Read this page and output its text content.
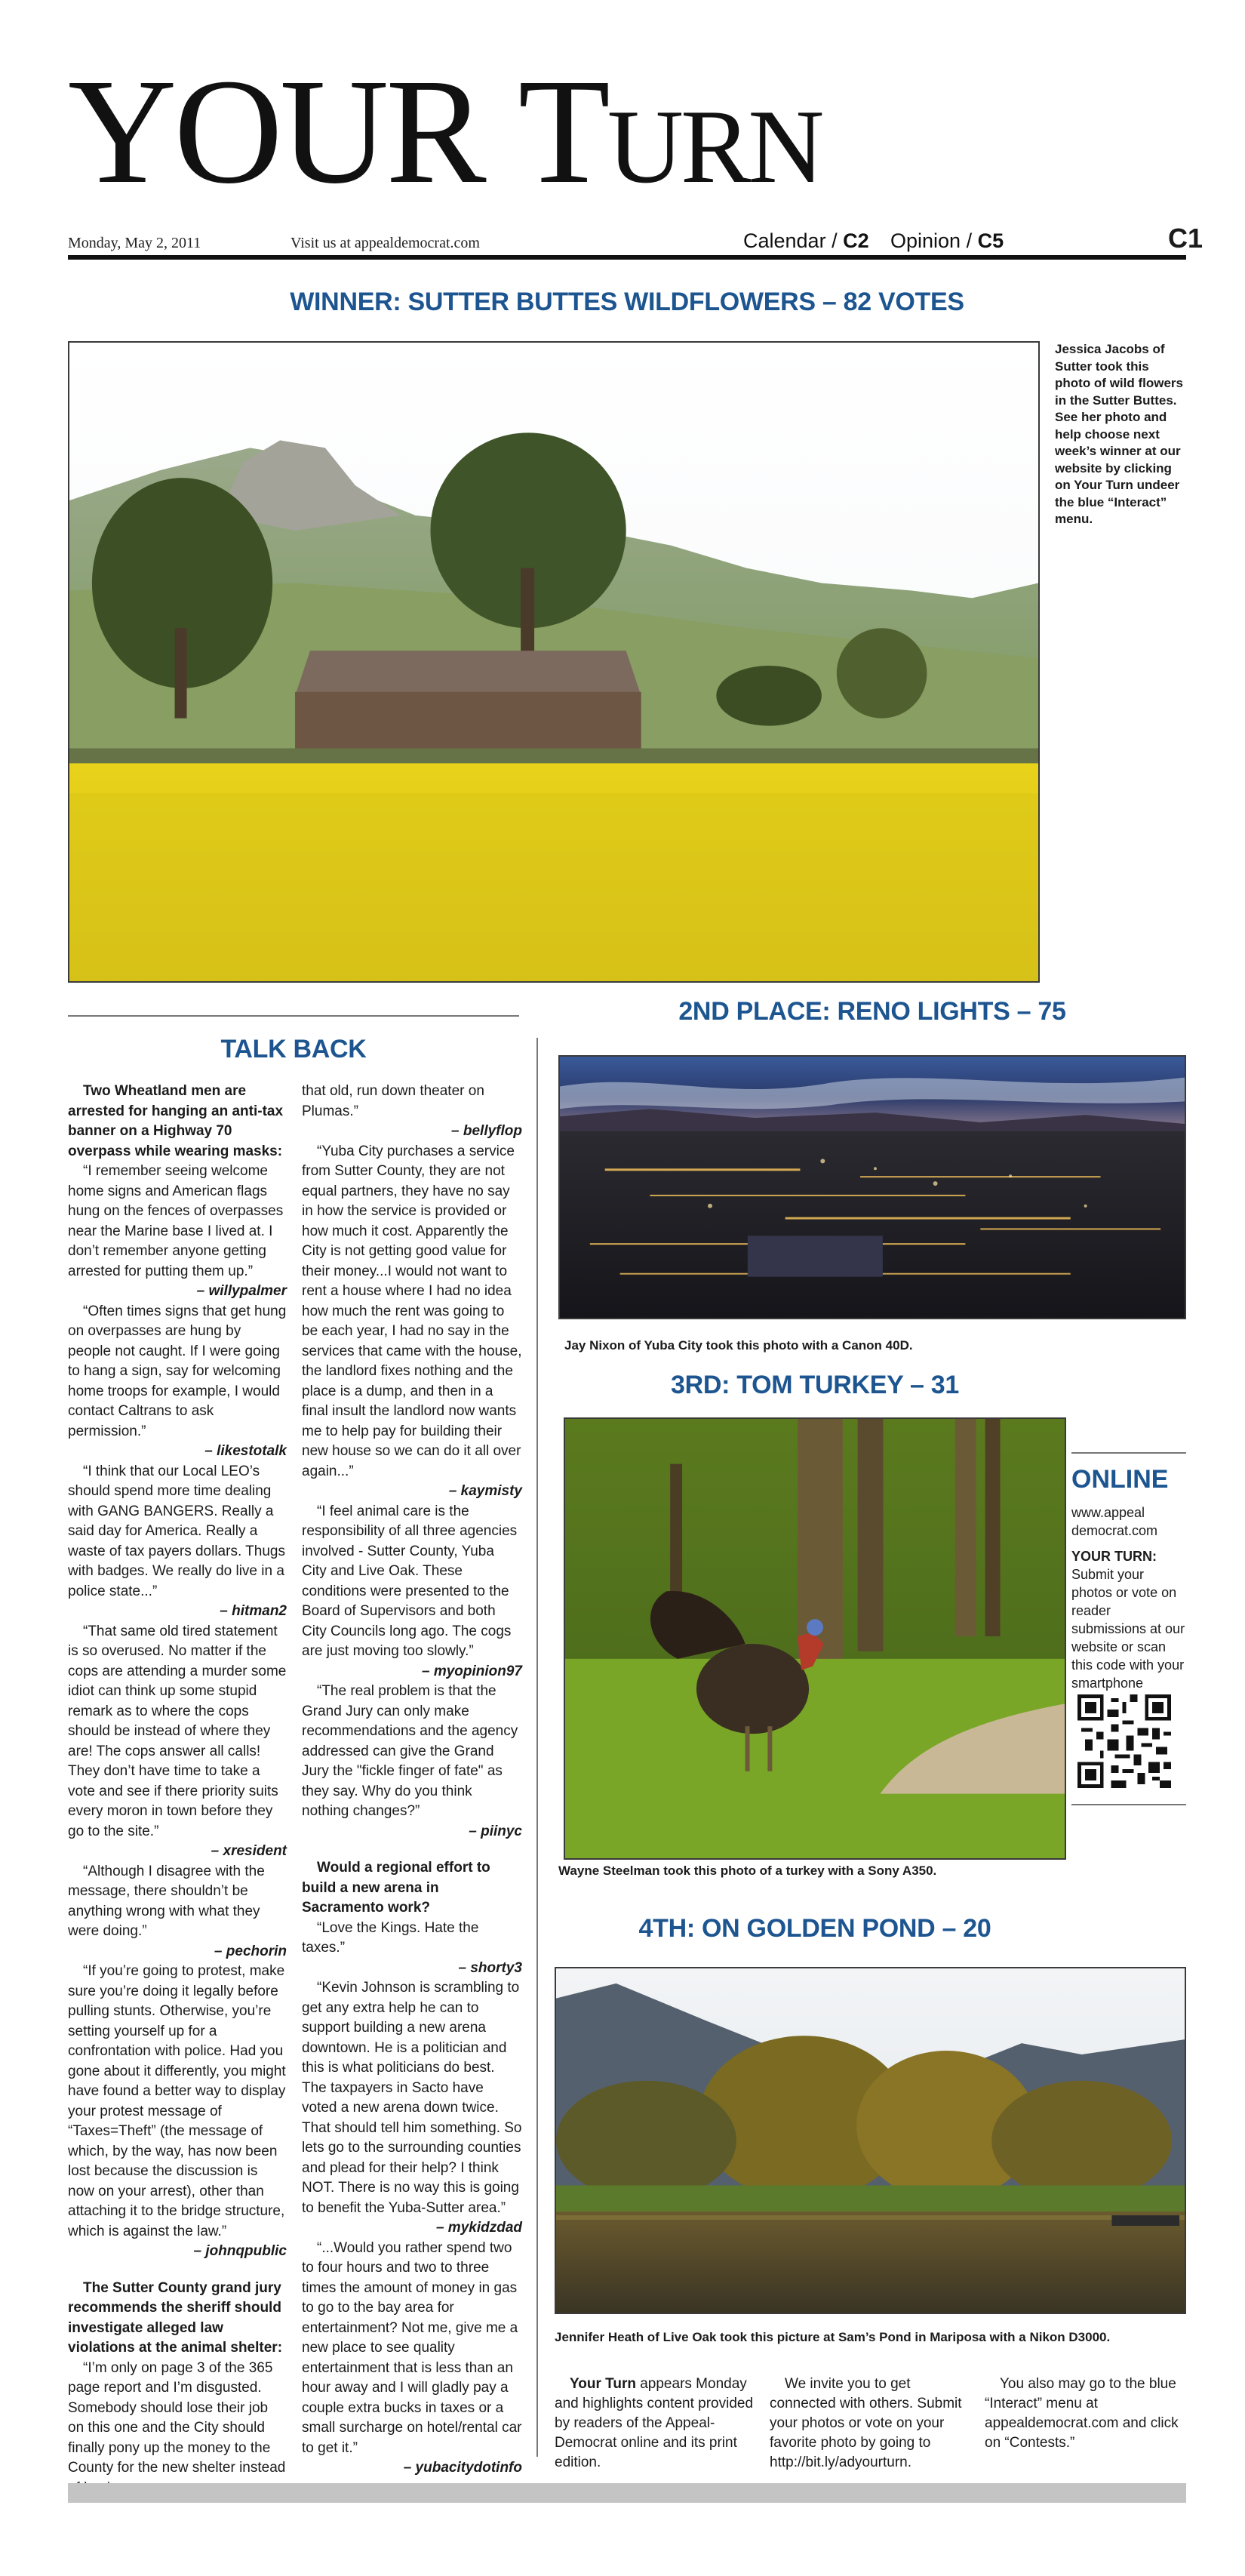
YOUR Turn
Monday, May 2, 2011	Visit us at appealdemocrat.com	Calendar / C2 Opinion / C5	C1
WINNER: SUTTER BUTTES WILDFLOWERS – 82 VOTES
Jessica Jacobs of Sutter took this photo of wild flowers in the Sutter Buttes. See her photo and help choose next week’s winner at our website by clicking on Your Turn undeer the blue “Interact” menu.
TALK BACK
Two Wheatland men are arrested for hanging an anti-tax banner on a Highway 70 overpass while wearing masks:
“I remember seeing welcome home signs and American flags hung on the fences of overpasses near the Marine base I lived at. I don’t remember anyone getting arrested for putting them up.”
– willypalmer
“Often times signs that get hung on overpasses are hung by people not caught. If I were going to hang a sign, say for welcoming home troops for example, I would contact Caltrans to ask permission.”
– likestotalk
“I think that our Local LEO’s should spend more time dealing with GANG BANGERS. Really a said day for America. Really a waste of tax payers dollars. Thugs with badges. We really do live in a police state...”
– hitman2
“That same old tired statement is so overused. No matter if the cops are attending a murder some idiot can think up some stupid remark as to where the cops should be instead of where they are! The cops answer all calls! They don’t have time to take a vote and see if there priority suits every moron in town before they go to the site.”
– xresident
“Although I disagree with the message, there shouldn’t be anything wrong with what they were doing.”
– pechorin
“If you’re going to protest, make sure you’re doing it legally before pulling stunts. Otherwise, you’re setting yourself up for a confrontation with police. Had you gone about it differently, you might have found a better way to display your protest message of “Taxes=Theft” (the message of which, by the way, has now been lost because the discussion is now on your arrest), other than attaching it to the bridge structure, which is against the law.”
– johnqpublic
The Sutter County grand jury recommends the sheriff should investigate alleged law violations at the animal shelter:
“I’m only on page 3 of the 365 page report and I’m disgusted. Somebody should lose their job on this one and the City should finally pony up the money to the County for the new shelter instead
that old, run down theater on Plumas.”
– bellyflop
“Yuba City purchases a service from Sutter County, they are not equal partners, they have no say in how the service is provided or how much it cost. Apparently the City is not getting good value for their money...I would not want to rent a house where I had no idea how much the rent was going to be each year, I had no say in the services that came with the house, the landlord fixes nothing and the place is a dump, and then in a final insult the landlord now wants me to help pay for building their new house so we can do it all over again...”
– kaymisty
“I feel animal care is the responsibility of all three agencies involved - Sutter County, Yuba City and Live Oak. These conditions were presented to the Board of Supervisors and both City Councils long ago. The cogs are just moving too slowly.”
– myopinion97
“The real problem is that the Grand Jury can only make recommendations and the agency addressed can give the Grand Jury the "fickle finger of fate" as they say. Why do you think nothing changes?”
– piinyc
Would a regional effort to build a new arena in Sacramento work?
“Love the Kings. Hate the taxes.”
– shorty3
“Kevin Johnson is scrambling to get any extra help he can to support building a new arena downtown. He is a politician and this is what politicians do best. The taxpayers in Sacto have voted a new arena down twice. That should tell him something. So lets go to the surrounding counties and plead for their help? I think NOT. There is no way this is going to benefit the Yuba-Sutter area.”
– mykidzdad
“...Would you rather spend two to four hours and two to three times the amount of money in gas to go to the bay area for entertainment? Not me, give me a new place to see quality entertainment that is less than an hour away and I will gladly pay a couple extra bucks in taxes or a small surcharge on hotel/rental car to get it.”
– yubacitydotinfo
2ND PLACE: RENO LIGHTS – 75
Jay Nixon of Yuba City took this photo with a Canon 40D.
3RD: TOM TURKEY – 31
Wayne Steelman took this photo of a turkey with a Sony A350.
ONLINE
www.appeal democrat.com
YOUR TURN:
Submit your photos or vote on reader submissions at our website or scan this code with your smartphone
4TH: ON GOLDEN POND – 20
Jennifer Heath of Live Oak took this picture at Sam’s Pond in Mariposa with a Nikon D3000.
Your Turn appears Monday and highlights content provided by readers of the Appeal-Democrat online and its print edition.
We invite you to get connected with others. Submit your photos or vote on your favorite photo by going to http://bit.ly/adyourturn.
You also may go to the blue “Interact” menu at appealdemocrat.com and click on “Contests.”
